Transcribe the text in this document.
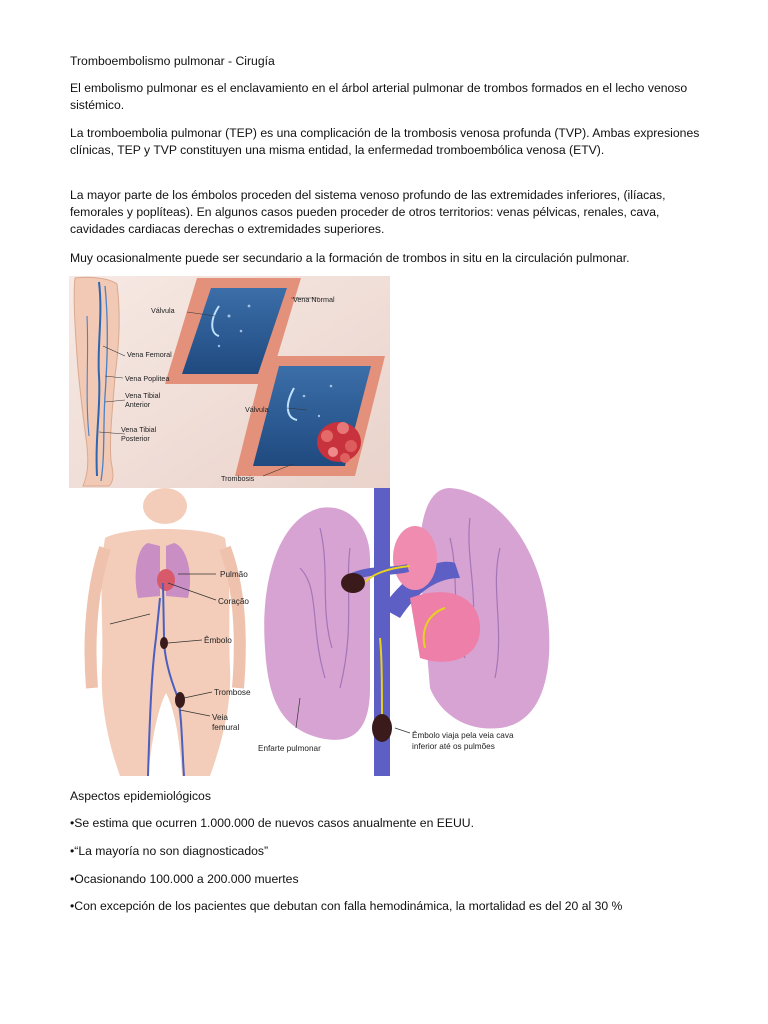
Tromboembolismo pulmonar - Cirugía

El embolismo pulmonar es el enclavamiento en el árbol arterial pulmonar de trombos formados en el lecho venoso sistémico.

La tromboembolia pulmonar (TEP) es una complicación de la trombosis venosa profunda (TVP). Ambas expresiones clínicas, TEP y TVP constituyen una misma entidad, la enfermedad tromboembólica venosa (ETV).

La mayor parte de los émbolos proceden del sistema venoso profundo de las extremidades inferiores, (ilíacas, femorales y poplíteas). En algunos casos pueden proceder de otros territorios: venas pélvicas, renales, cava, cavidades cardiacas derechas o extremidades superiores.

Muy ocasionalmente puede ser secundario a la formación de trombos in situ en la circulación pulmonar.

Válvula
Vena Normal
Vena Femoral
Vena Poplitea
Vena Tibial
Anterior
Vena Tibial
Posterior
Válvula
Trombosis
Pulmão
Coração
Êmbolo
Trombose
Veia
femural
Enfarte pulmonar
Êmbolo viaja pela veia cava
inferior até os pulmões

Aspectos epidemiológicos

•Se estima que ocurren 1.000.000 de nuevos casos anualmente en EEUU.

•“La mayoría no son diagnosticados”

•Ocasionando 100.000 a 200.000 muertes

•Con excepción de los pacientes que debutan con falla hemodinámica, la mortalidad es del 20 al 30 %
